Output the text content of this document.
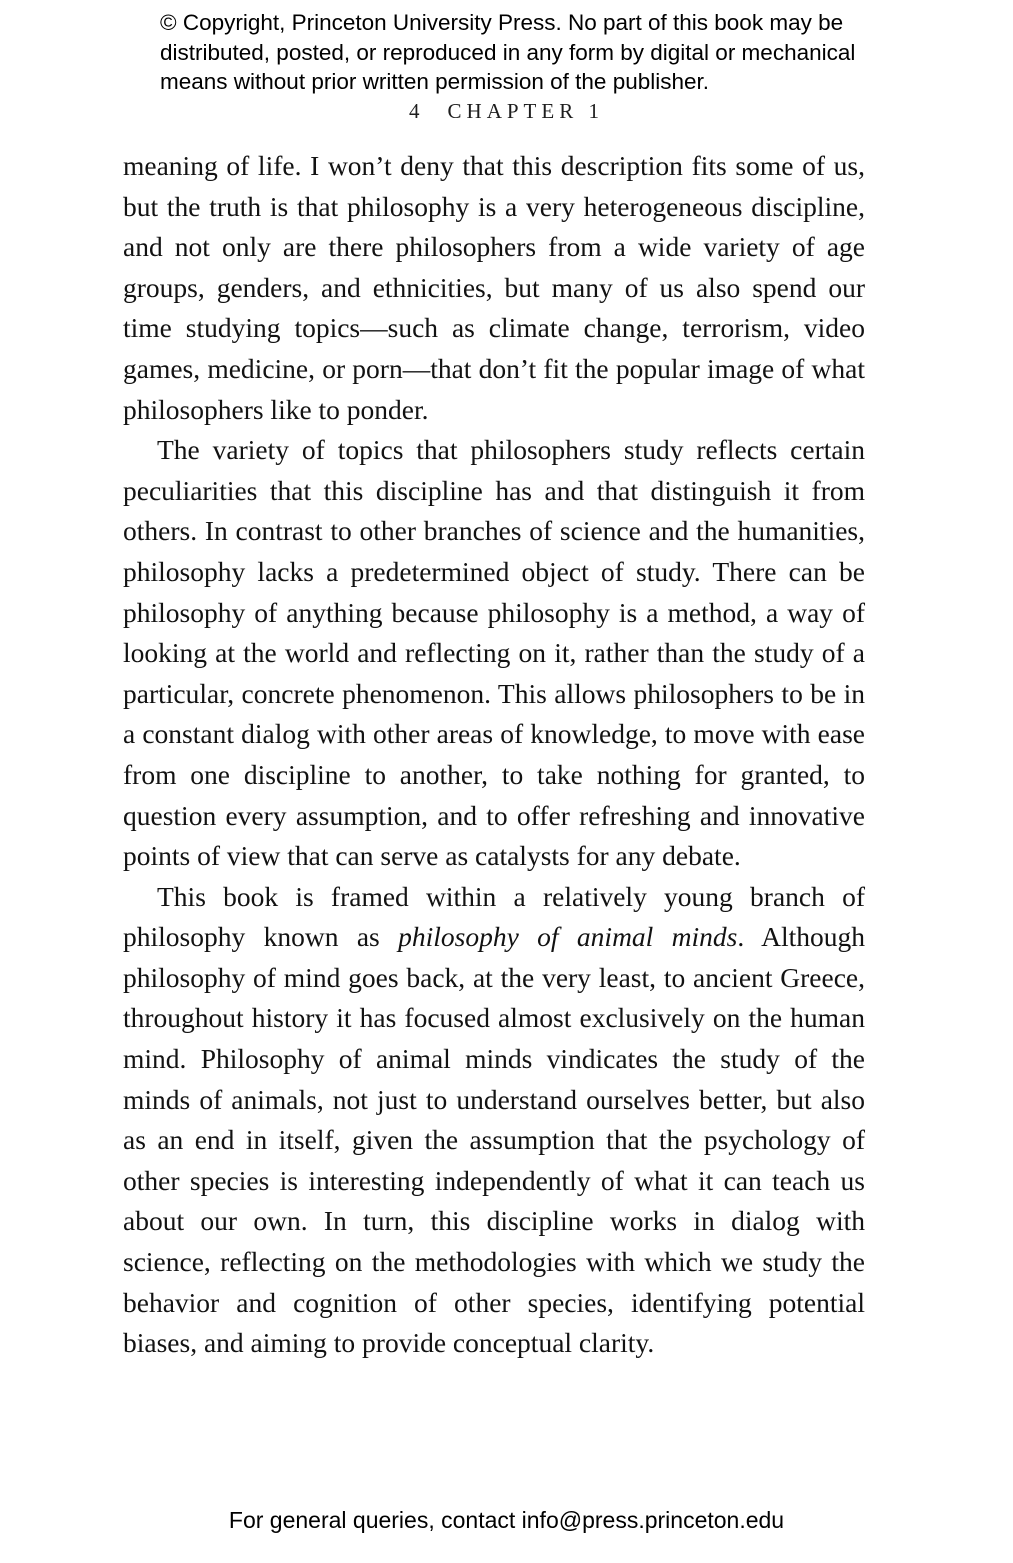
© Copyright, Princeton University Press. No part of this book may be
distributed, posted, or reproduced in any form by digital or mechanical
means without prior written permission of the publisher.
4 CHAPTER 1

meaning of life. I won’t deny that this description fits some of us, but the truth is that philosophy is a very heterogeneous discipline, and not only are there philosophers from a wide variety of age groups, genders, and ethnicities, but many of us also spend our time studying topics—such as climate change, terrorism, video games, medicine, or porn—that don’t fit the popular image of what philosophers like to ponder.

The variety of topics that philosophers study reflects certain peculiarities that this discipline has and that distinguish it from others. In contrast to other branches of science and the humanities, philosophy lacks a predetermined object of study. There can be philosophy of anything because philosophy is a method, a way of looking at the world and reflecting on it, rather than the study of a particular, concrete phenomenon. This allows philosophers to be in a constant dialog with other areas of knowledge, to move with ease from one discipline to another, to take nothing for granted, to question every assumption, and to offer refreshing and innovative points of view that can serve as catalysts for any debate.

This book is framed within a relatively young branch of philosophy known as philosophy of animal minds. Although philosophy of mind goes back, at the very least, to ancient Greece, throughout history it has focused almost exclusively on the human mind. Philosophy of animal minds vindicates the study of the minds of animals, not just to understand ourselves better, but also as an end in itself, given the assumption that the psychology of other species is interesting independently of what it can teach us about our own. In turn, this discipline works in dialog with science, reflecting on the methodologies with which we study the behavior and cognition of other species, identifying potential biases, and aiming to provide conceptual clarity.

For general queries, contact info@press.princeton.edu
